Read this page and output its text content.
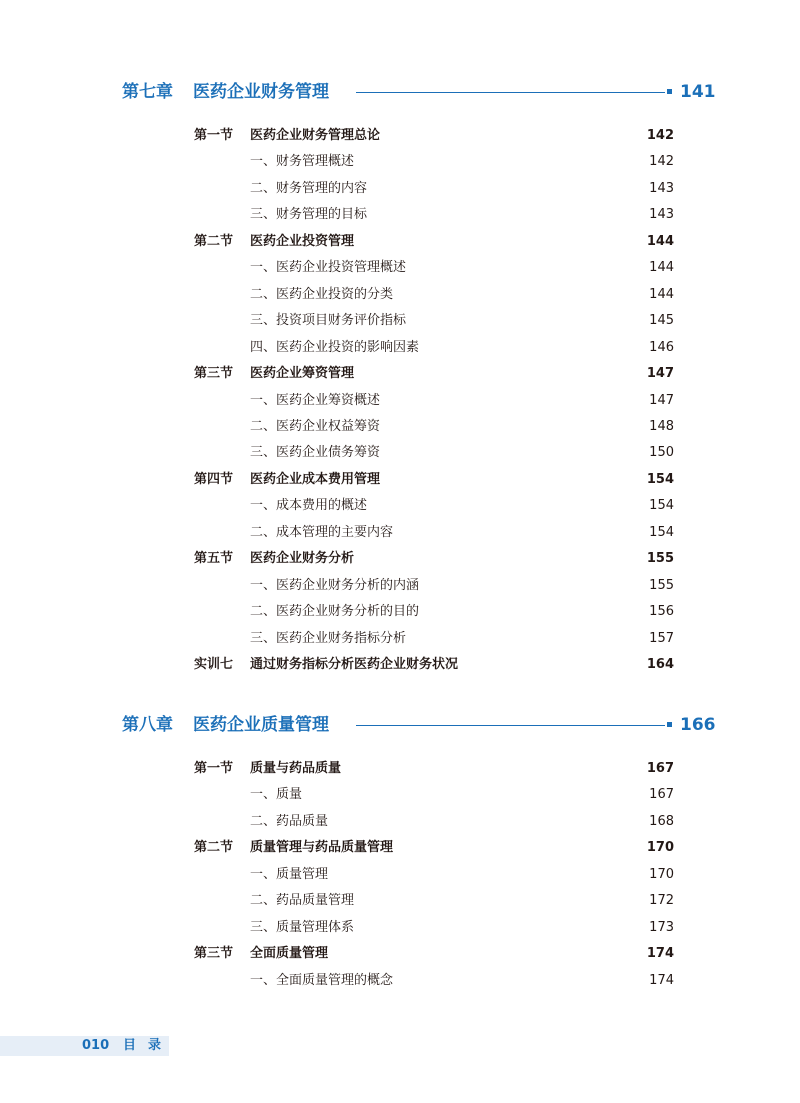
第七章 医药企业财务管理	141
第一节 医药企业财务管理总论	142
一、财务管理概述	142
二、财务管理的内容	143
三、财务管理的目标	143
第二节 医药企业投资管理	144
一、医药企业投资管理概述	144
二、医药企业投资的分类	144
三、投资项目财务评价指标	145
四、医药企业投资的影响因素	146
第三节 医药企业筹资管理	147
一、医药企业筹资概述	147
二、医药企业权益筹资	148
三、医药企业债务筹资	150
第四节 医药企业成本费用管理	154
一、成本费用的概述	154
二、成本管理的主要内容	154
第五节 医药企业财务分析	155
一、医药企业财务分析的内涵	155
二、医药企业财务分析的目的	156
三、医药企业财务指标分析	157
实训七 通过财务指标分析医药企业财务状况	164
第八章 医药企业质量管理	166
第一节 质量与药品质量	167
一、质量	167
二、药品质量	168
第二节 质量管理与药品质量管理	170
一、质量管理	170
二、药品质量管理	172
三、质量管理体系	173
第三节 全面质量管理	174
一、全面质量管理的概念	174
010 目录
